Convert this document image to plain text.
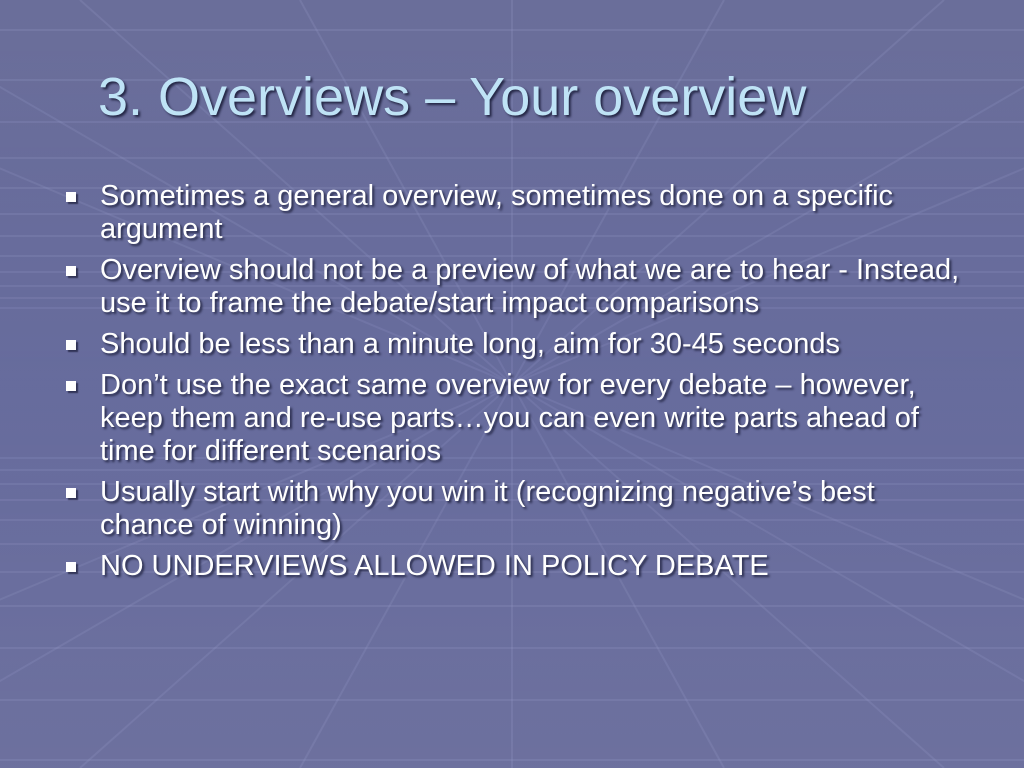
3. Overviews – Your overview
Sometimes a general overview, sometimes done on a specific argument
Overview should not be a preview of what we are to hear - Instead, use it to frame the debate/start impact comparisons
Should be less than a minute long, aim for 30-45 seconds
Don’t use the exact same overview for every debate – however, keep them and re-use parts…you can even write parts ahead of time for different scenarios
Usually start with why you win it (recognizing negative’s best chance of winning)
NO UNDERVIEWS ALLOWED IN POLICY DEBATE
